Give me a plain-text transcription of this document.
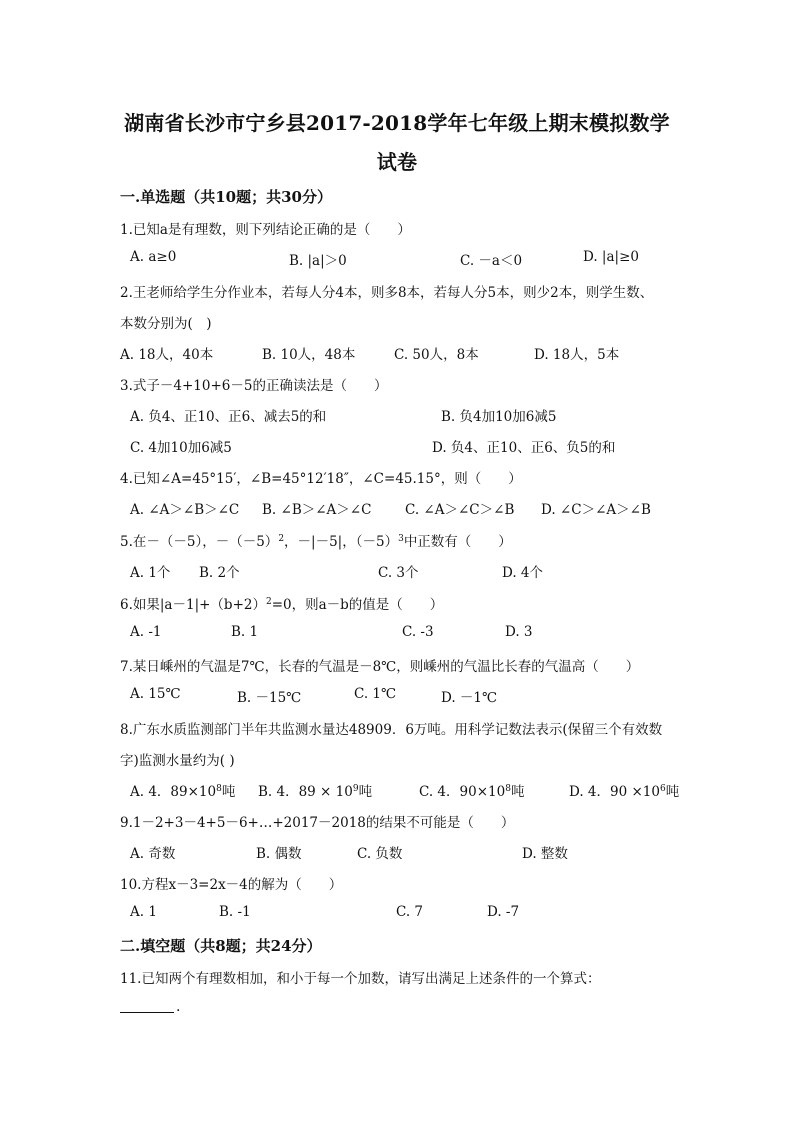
湖南省长沙市宁乡县2017-2018学年七年级上期末模拟数学
试卷
一.单选题（共10题；共30分）
1.已知a是有理数，则下列结论正确的是（　　）
A. a≥0	B. |a|＞0	C. －a＜0	D. |a|≥0
2.王老师给学生分作业本，若每人分4本，则多8本，若每人分5本，则少2本，则学生数、
本数分别为(　)
A. 18人，40本	B. 10人，48本	C. 50人，8本	D. 18人，5本
3.式子－4+10+6－5的正确读法是（　　）
A. 负4、正10、正6、减去5的和	B. 负4加10加6减5
C. 4加10加6减5	D. 负4、正10、正6、负5的和
4.已知∠A=45°15′，∠B=45°12′18″，∠C=45.15°，则（　　）
A. ∠A＞∠B＞∠C B. ∠B＞∠A＞∠C C. ∠A＞∠C＞∠B D. ∠C＞∠A＞∠B
5.在－（－5），$-(-5)^2$，－|－5|，$(-5)^3$中正数有（　　）
A. 1个 B. 2个	C. 3个	D. 4个
6.如果$|a-1|+(b+2)^2=0$，则a－b的值是（　　）
A. -1	B. 1	C. -3	D. 3
7.某日嵊州的气温是7℃，长春的气温是－8℃，则嵊州的气温比长春的气温高（　　）
A. 15℃	B. －15℃	C. 1℃	D. －1℃
8.广东水质监测部门半年共监测水量达48909．6万吨。用科学记数法表示(保留三个有效数
字)监测水量约为( )
A. 4．$89\times 10^8$吨 B. 4．$89 \times 10^9$吨	C. 4．$90\times 10^8$吨	D. 4．$90 \times 10^6$吨
9.1－2+3－4+5－6+…+2017－2018的结果不可能是（　　）
A. 奇数	B. 偶数	C. 负数	D. 整数
10.方程x－3=2x－4的解为（　　）
A. 1	B. -1	C. 7	D. -7
二.填空题（共8题；共24分）
11.已知两个有理数相加，和小于每一个加数，请写出满足上述条件的一个算式：
.
